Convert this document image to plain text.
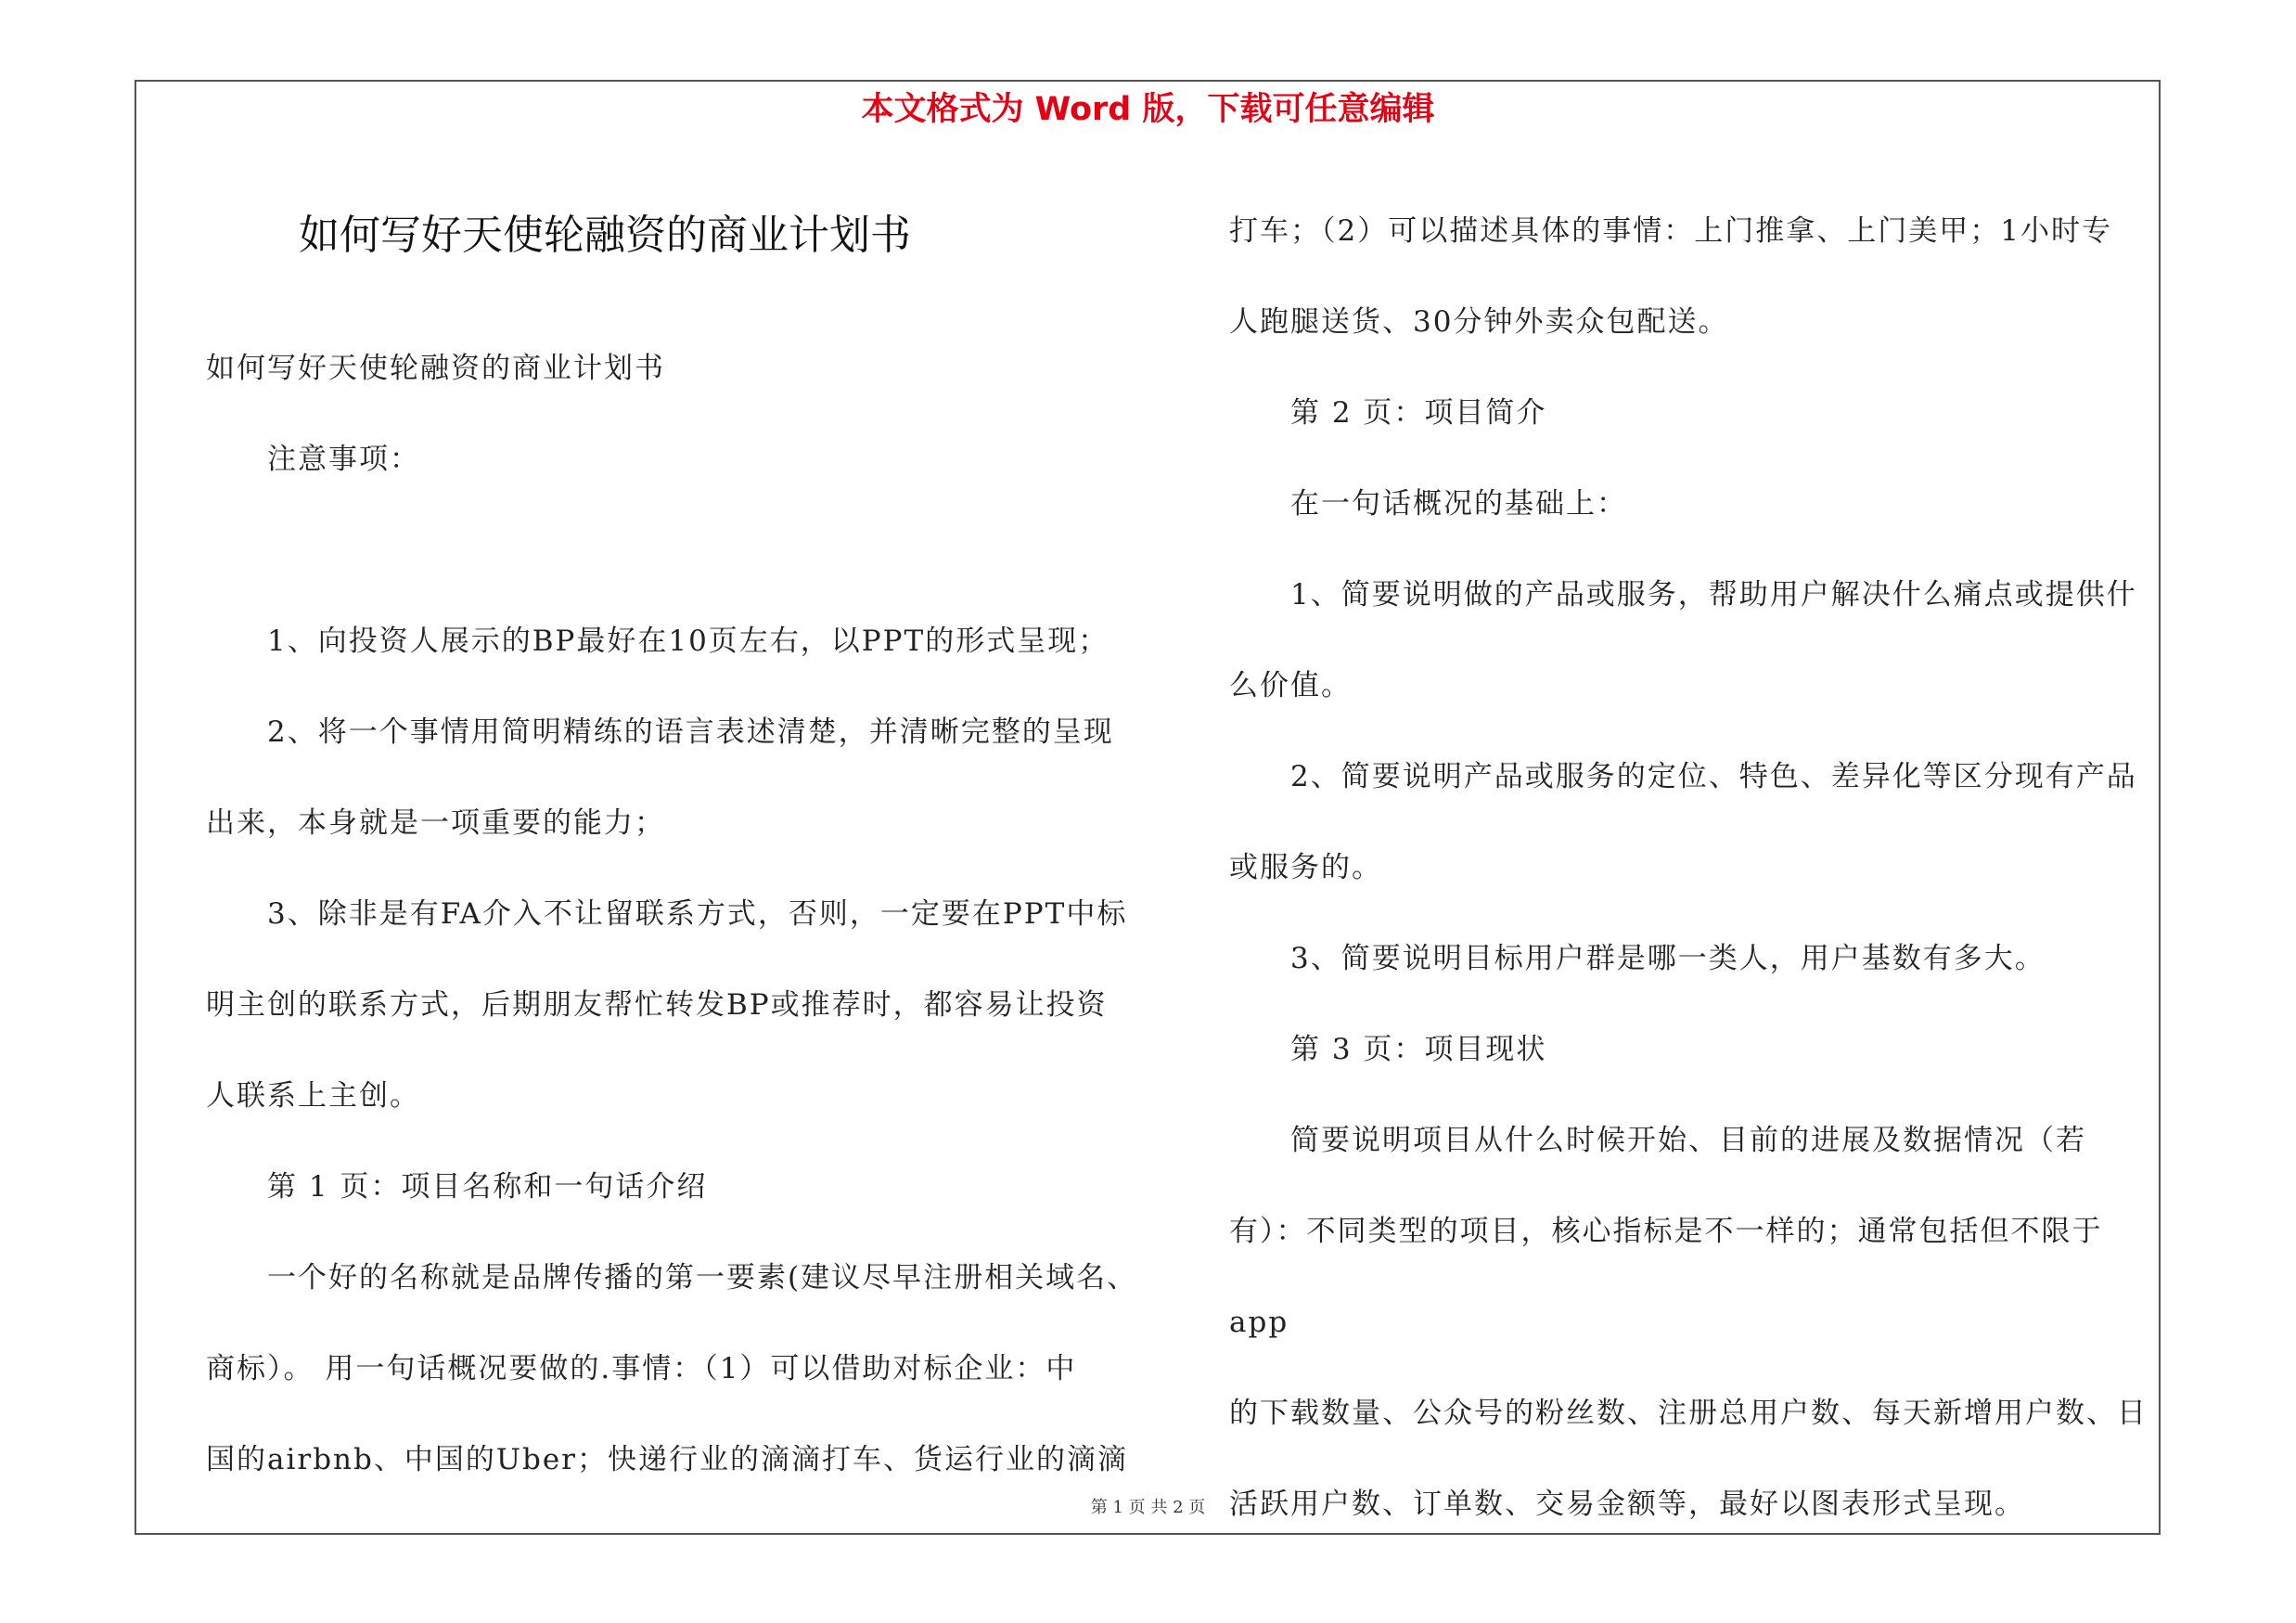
本文格式为 Word 版，下载可任意编辑
如何写好天使轮融资的商业计划书

如何写好天使轮融资的商业计划书

注意事项：

1、向投资人展示的BP最好在10页左右，以PPT的形式呈现；

2、将一个事情用简明精练的语言表述清楚，并清晰完整的呈现

出来，本身就是一项重要的能力；

3、除非是有FA介入不让留联系方式，否则，一定要在PPT中标

明主创的联系方式，后期朋友帮忙转发BP或推荐时，都容易让投资

人联系上主创。

第 1 页：项目名称和一句话介绍

一个好的名称就是品牌传播的第一要素(建议尽早注册相关域名、

商标）。 用一句话概况要做的.事情：（1）可以借助对标企业：中

国的airbnb、中国的Uber；快递行业的滴滴打车、货运行业的滴滴

打车；（2）可以描述具体的事情：上门推拿、上门美甲；1小时专

人跑腿送货、30分钟外卖众包配送。

第 2 页：项目简介

在一句话概况的基础上：

1、简要说明做的产品或服务，帮助用户解决什么痛点或提供什

么价值。

2、简要说明产品或服务的定位、特色、差异化等区分现有产品

或服务的。

3、简要说明目标用户群是哪一类人，用户基数有多大。

第 3 页：项目现状

简要说明项目从什么时候开始、目前的进展及数据情况（若

有）：不同类型的项目，核心指标是不一样的；通常包括但不限于app

的下载数量、公众号的粉丝数、注册总用户数、每天新增用户数、日

活跃用户数、订单数、交易金额等，最好以图表形式呈现。

第 1 页 共 2 页
